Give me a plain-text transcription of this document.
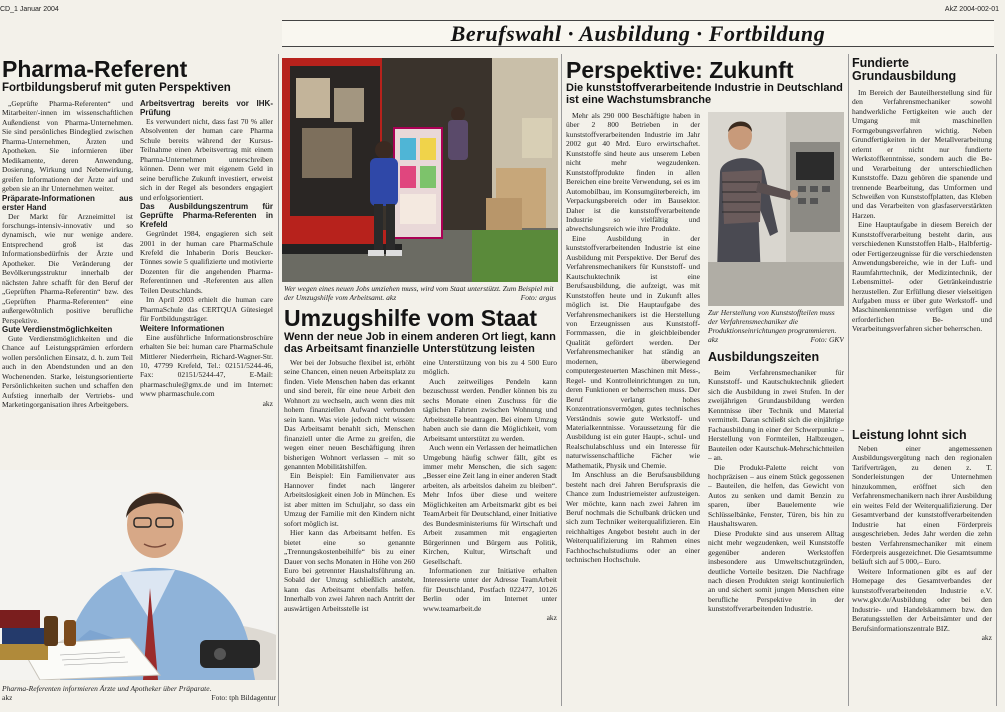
CD_1 Januar 2004	AkZ 2004-002-01
Berufswahl · Ausbildung · Fortbildung
Pharma-Referent
Fortbildungsberuf mit guten Perspektiven

„Geprüfte Pharma-Referenten“ und Mitarbeiter/-innen im wissenschaftlichen Außendienst von Pharma-Unternehmen. Sie sind persönliches Bindeglied zwischen Pharma-Unternehmen, Ärzten und Apotheken. Sie informieren über Medikamente, deren Anwendung, Dosierung, Wirkung und Nebenwirkung, greifen Informationen der Ärzte auf und geben sie an ihr Unternehmen weiter.

Präparate-Informationen aus erster Hand

Der Markt für Arzneimittel ist forschungs-intensiv-innovativ und so dynamisch, wie nur wenige andere. Entsprechend groß ist das Informationsbedürfnis der Ärzte und Apotheker. Die Veränderung der Bevölkerungsstruktur innerhalb der nächsten Jahre schafft für den Beruf der „Geprüften Pharma-Referentin“ bzw. des „Geprüften Pharma-Referenten“ eine außergewöhnlich positive berufliche Perspektive.

Gute Verdienstmöglichkeiten

Gute Verdienstmöglichkeiten und die Chance auf Leistungsprämien erfordern wollen persönlichen Einsatz, d. h. zum Teil auch in den Abendstunden und an den Wochenenden. Starke, leistungsorientierte Persönlichkeiten suchen und schaffen den Aufstieg innerhalb der Vertriebs- und Marketingorganisation ihres Arbeitgebers.

Arbeitsvertrag bereits vor IHK-Prüfung

Es verwundert nicht, dass fast 70 % aller Absolventen der human care Pharma Schule bereits während der Kursus-Teilnahme einen Arbeitsvertrag mit einem Pharma-Unternehmen unterschreiben können. Denn wer mit eigenem Geld in seine berufliche Zukunft investiert, erweist sich in der Regel als besonders engagiert und erfolgsorientiert.

Das Ausbildungszentrum für Geprüfte Pharma-Referenten in Krefeld

Gegründet 1984, engagieren sich seit 2001 in der human care PharmaSchule Krefeld die Inhaberin Doris Beucker-Tönnes sowie 5 qualifizierte und motivierte Dozenten für die angehenden Pharma-Referentinnen und -Referenten aus allen Teilen Deutschlands.

Im April 2003 erhielt die human care PharmaSchule das CERTQUA Gütesiegel für Fortbildungsträger.

Weitere Informationen

Eine ausführliche Informationsbroschüre erhalten Sie bei: human care PharmaSchule Mittlerer Niederrhein, Richard-Wagner-Str. 10, 47799 Krefeld, Tel.: 02151/5244-46, Fax: 02151/5244-47, E-Mail: pharmaschule@gmx.de und im Internet: www pharmaschule.com

akz

Pharma-Referenten informieren Ärzte und Apotheker über Präparate.
Foto: tph Bildagentur
akz
Wer wegen eines neuen Jobs umziehen muss, wird vom Staat unterstützt. Zum Beispiel mit der Umzugshilfe vom Arbeitsamt. akz	Foto: argus
Umzugshilfe vom Staat
Wenn der neue Job in einem anderen Ort liegt, kann das Arbeitsamt finanzielle Unterstützung leisten

Wer bei der Jobsuche flexibel ist, erhöht seine Chancen, einen neuen Arbeitsplatz zu finden. Viele Menschen haben das erkannt und sind bereit, für eine neue Arbeit den Wohnort zu wechseln, auch wenn dies mit hohem finanziellen Aufwand verbunden sein kann. Was viele jedoch nicht wissen: Das Arbeitsamt benahlt sich, Menschen finanziell unter die Arme zu greifen, die wegen einer neuen Beschäftigung ihren bisherigen Wohnort verlassen – mit so genannten Mobilitätshilfen.

Ein Beispiel: Ein Familienvater aus Hannover findet nach längerer Arbeitslosigkeit einen Job in München. Es ist aber mitten im Schuljahr, so dass ein Umzug der Familie mit den Kindern nicht sofort möglich ist.

Hier kann das Arbeitsamt helfen. Es bietet eine so genannte „Trennungskostenbeihilfe“ bis zu einer Dauer von sechs Monaten in Höhe von 260 Euro bei getrennter Haushaltsführung an. Sobald der Umzug schließlich ansteht, kann das Arbeitsamt ebenfalls helfen. Innerhalb von zwei Jahren nach Antritt der auswärtigen Arbeitsstelle ist

eine Unterstützung von bis zu 4 500 Euro möglich.

Auch zeitweiliges Pendeln kann bezuschusst werden. Pendler können bis zu sechs Monate einen Zuschuss für die täglichen Fahrten zwischen Wohnung und Arbeitsstelle beantragen. Bei einem Umzug haben auch sie dann die Möglichkeit, vom Arbeitsamt unterstützt zu werden.

Auch wenn ein Verlassen der heimatlichen Umgebung häufig schwer fällt, gibt es immer mehr Menschen, die sich sagen: „Besser eine Zeit lang in einer anderen Stadt arbeiten, als arbeitslos daheim zu bleiben“. Mehr Infos über diese und weitere Möglichkeiten am Arbeitsmarkt gibt es bei TeamArbeit für Deutschland, einer Initiative des Bundesministeriums für Wirtschaft und Arbeit zusammen mit engagierten Bürgerinnen und Bürgern aus Politik, Kirchen, Kultur, Wirtschaft und Gesellschaft.

Informationen zur Initiative erhalten Interessierte unter der Adresse TeamArbeit für Deutschland, Postfach 022477, 10126 Berlin oder im Internet unter www.teamarbeit.de

akz

Perspektive: Zukunft
Die kunststoffverarbeitende Industrie in Deutschland ist eine Wachstumsbranche

Mehr als 290 000 Beschäftigte haben in über 2 800 Betrieben in der kunststoffverarbeitenden Industrie im Jahr 2002 gut 40 Mrd. Euro erwirtschaftet. Kunststoffe sind heute aus unserem Leben nicht mehr wegzudenken. Kunststoffprodukte finden in allen Bereichen eine breite Verwendung, sei es im Automobilbau, im Konsumgüterbereich, im Verpackungsbereich oder im Bausektor. Daher ist die kunststoffverarbeitende Industrie so vielfältig und abwechslungsreich wie ihre Produkte.

Eine Ausbildung in der kunststoffverarbeitenden Industrie ist eine Ausbildung mit Perspektive. Der Beruf des Verfahrensmechanikers für Kunststoff- und Kautschuktechnik ist eine Berufsausbildung, die aufzeigt, was mit Kunststoffen heute und in Zukunft alles möglich ist. Die Hauptaufgabe des Verfahrensmechanikers ist die Herstellung von Erzeugnissen aus Kunststoff-Formmassen, die in gleichbleibender Qualität gefördert werden. Der Verfahrensmechaniker hat ständig an modernen, überwiegend computergesteuerten Maschinen mit Mess-, Regel- und Kontrolleinrichtungen zu tun, deren Funktionen er beherrschen muss. Der Beruf verlangt hohes Konzentrationsvermögen, gutes technisches Verständnis sowie gute Werkstoff- und Materialkenntnisse. Voraussetzung für die Ausbildung ist ein guter Haupt-, schul- und Realschulabschluss und ein Interesse für naturwissenschaftliche Fächer wie Mathematik, Physik und Chemie.

Im Anschluss an die Berufsausbildung besteht nach drei Jahren Berufspraxis die Chance zum Industriemeister aufzusteigen. Wer möchte, kann nach zwei Jahren im Beruf nochmals die Schulbank drücken und sich zum Techniker weiterqualifizieren. Ein reichhaltiges Angebot besteht auch in der Weiterqualifizierung im Rahmen eines Fachhochschulstudiums oder an einer technischen Hochschule.

Zur Herstellung von Kunststoffteilen muss der Verfahrensmechaniker die Produktionseinrichtungen programmieren. akz	Foto: GKV
Ausbildungszeiten

Beim Verfahrensmechaniker für Kunststoff- und Kautschuktechnik gliedert sich die Ausbildung in zwei Stufen. In der zweijährigen Grundausbildung werden Kenntnisse über Technik und Material vermittelt. Daran schließt sich die einjährige Fachausbildung in einer der Schwerpunkte – Herstellung von Formteilen, Halbzeugen, Bauteilen oder Kautschuk-Mehrschichtteilen – an.

Die Produkt-Palette reicht von hochpräzisen – aus einem Stück gegossenen – Bauteilen, die helfen, das Gewicht von Autos zu senken und damit Benzin zu sparen, über Bauelemente wie Schlüsselbänke, Fenster, Türen, bis hin zu Haushaltswaren.

Diese Produkte sind aus unserem Alltag nicht mehr wegzudenken, weil Kunststoffe gegenüber anderen Werkstoffen insbesondere aus Umweltschutzgründen, deutliche Vorteile besitzen. Die Nachfrage nach diesen Produkten steigt kontinuierlich an und sichert somit jungen Menschen eine berufliche Perspektive in der kunststoffverarbeitenden Industrie.

Fundierte Grundausbildung

Im Bereich der Bauteilherstellung sind für den Verfahrensmechaniker sowohl handwerkliche Fertigkeiten wie auch der Umgang mit maschinellen Formgebungsverfahren wichtig. Neben Grundfertigkeiten in der Metallverarbeitung erlernt er nicht nur fundierte Werkstoffkenntnisse, sondern auch die Be- und Verarbeitung der unterschiedlichen Kunststoffe. Dazu gehören die spanende und trennende Bearbeitung, das Umformen und Schweißen von Kunststoffplatten, das Kleben und das Verarbeiten von glasfaserverstärkten Harzen.

Eine Hauptaufgabe in diesem Bereich der Kunststoffverarbeitung besteht darin, aus verschiedenen Kunststoffen Halb-, Halbfertig- oder Fertigerzeugnisse für die verschiedensten Anwendungsbereiche, wie in der Luft- und Raumfahrttechnik, der Medizintechnik, der Lebensmittel- oder Getränkeindustrie herzustellen. Zur Erfüllung dieser vielseitigen Aufgaben muss er über gute Werkstoff- und Maschinenkenntnisse verfügen und die erforderlichen Be- und Verarbeitungsverfahren sicher beherrschen.

Leistung lohnt sich

Neben einer angemessenen Ausbildungsvergütung nach den regionalen Tarifverträgen, zu denen z. T. Sonderleistungen der Unternehmen hinzukommen, eröffnet sich den Verfahrensmechanikern nach ihrer Ausbildung ein weites Feld der Weiterqualifizierung. Der Gesamtverband der kunststoffverarbeitenden Industrie hat einen Förderpreis ausgeschrieben. Jedes Jahr werden die zehn besten Verfahrensmechaniker mit einem Förderpreis ausgezeichnet. Die Gesamtsumme beläuft sich auf 5 000,– Euro.

Weitere Informationen gibt es auf der Homepage des Gesamtverbandes der kunststoffverarbeitenden Industrie e.V. www.gkv.de/Ausbildung oder bei den Industrie- und Handelskammern bzw. den Beratungsstellen der Arbeitsämter und der Berufsinformationszentrale BIZ.

akz
